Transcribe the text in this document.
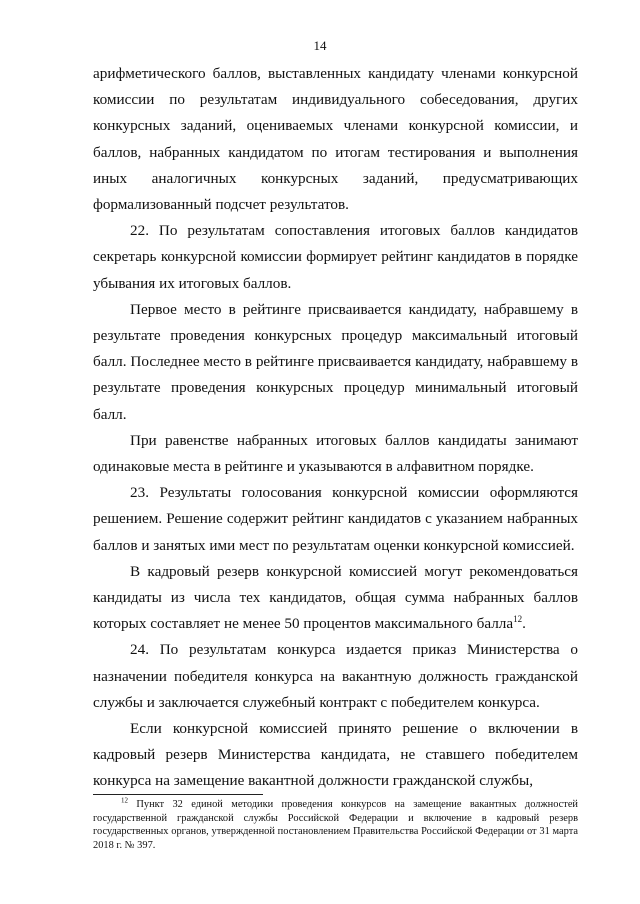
14

арифметического баллов, выставленных кандидату членами конкурсной комиссии по результатам индивидуального собеседования, других конкурсных заданий, оцениваемых членами конкурсной комиссии, и баллов, набранных кандидатом по итогам тестирования и выполнения иных аналогичных конкурсных заданий, предусматривающих формализованный подсчет результатов.

22. По результатам сопоставления итоговых баллов кандидатов секретарь конкурсной комиссии формирует рейтинг кандидатов в порядке убывания их итоговых баллов.

Первое место в рейтинге присваивается кандидату, набравшему в результате проведения конкурсных процедур максимальный итоговый балл. Последнее место в рейтинге присваивается кандидату, набравшему в результате проведения конкурсных процедур минимальный итоговый балл.

При равенстве набранных итоговых баллов кандидаты занимают одинаковые места в рейтинге и указываются в алфавитном порядке.

23. Результаты голосования конкурсной комиссии оформляются решением. Решение содержит рейтинг кандидатов с указанием набранных баллов и занятых ими мест по результатам оценки конкурсной комиссией.

В кадровый резерв конкурсной комиссией могут рекомендоваться кандидаты из числа тех кандидатов, общая сумма набранных баллов которых составляет не менее 50 процентов максимального балла$^{12}$.

24. По результатам конкурса издается приказ Министерства о назначении победителя конкурса на вакантную должность гражданской службы и заключается служебный контракт с победителем конкурса.

Если конкурсной комиссией принято решение о включении в кадровый резерв Министерства кандидата, не ставшего победителем конкурса на замещение вакантной должности гражданской службы,

$^{12}$ Пункт 32 единой методики проведения конкурсов на замещение вакантных должностей государственной гражданской службы Российской Федерации и включение в кадровый резерв государственных органов, утвержденной постановлением Правительства Российской Федерации от 31 марта 2018 г. № 397.
